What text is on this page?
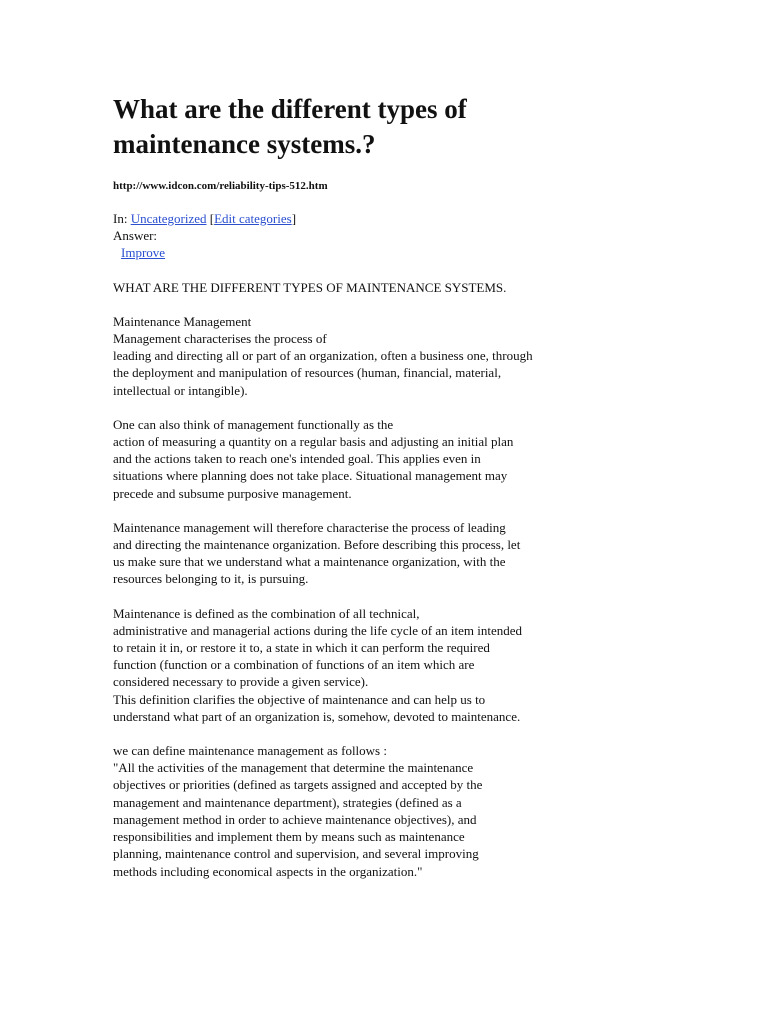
What are the different types of
maintenance systems.?
http://www.idcon.com/reliability-tips-512.htm
In: Uncategorized [Edit categories]
Answer:
Improve
WHAT ARE THE DIFFERENT TYPES OF MAINTENANCE SYSTEMS.
Maintenance Management
Management characterises the process of
leading and directing all or part of an organization, often a business one, through
the deployment and manipulation of resources (human, financial, material,
intellectual or intangible).
One can also think of management functionally as the
action of measuring a quantity on a regular basis and adjusting an initial plan
and the actions taken to reach one's intended goal. This applies even in
situations where planning does not take place. Situational management may
precede and subsume purposive management.
Maintenance management will therefore characterise the process of leading
and directing the maintenance organization. Before describing this process, let
us make sure that we understand what a maintenance organization, with the
resources belonging to it, is pursuing.
Maintenance is defined as the combination of all technical,
administrative and managerial actions during the life cycle of an item intended
to retain it in, or restore it to, a state in which it can perform the required
function (function or a combination of functions of an item which are
considered necessary to provide a given service).
This definition clarifies the objective of maintenance and can help us to
understand what part of an organization is, somehow, devoted to maintenance.
we can define maintenance management as follows :
"All the activities of the management that determine the maintenance
objectives or priorities (defined as targets assigned and accepted by the
management and maintenance department), strategies (defined as a
management method in order to achieve maintenance objectives), and
responsibilities and implement them by means such as maintenance
planning, maintenance control and supervision, and several improving
methods including economical aspects in the organization."
